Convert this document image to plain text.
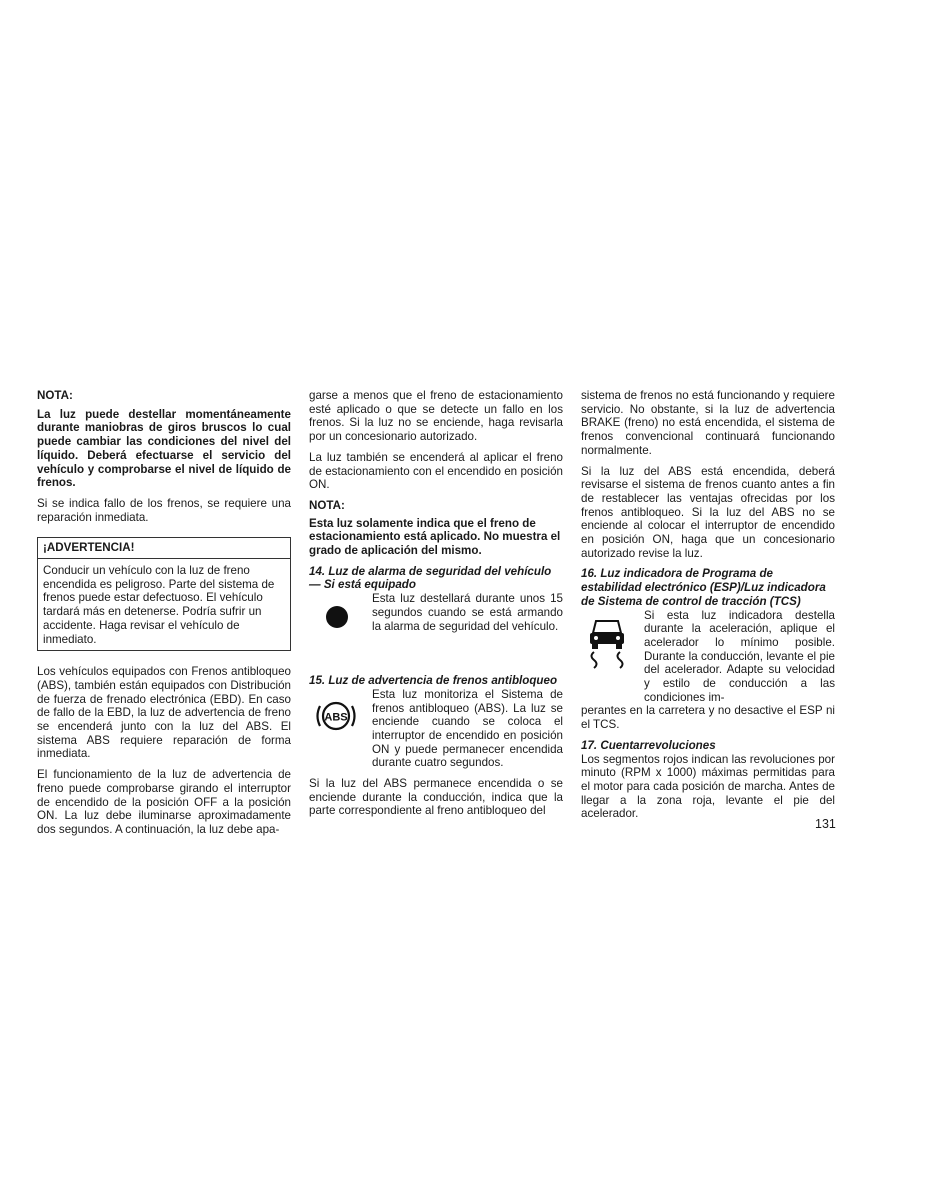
NOTA:

La luz puede destellar momentáneamente durante maniobras de giros bruscos lo cual puede cambiar las condiciones del nivel del líquido. Deberá efectuarse el servicio del vehículo y comprobarse el nivel de líquido de frenos.

Si se indica fallo de los frenos, se requiere una reparación inmediata.

¡ADVERTENCIA!

Conducir un vehículo con la luz de freno encendida es peligroso. Parte del sistema de frenos puede estar defectuoso. El vehículo tardará más en detenerse. Podría sufrir un accidente. Haga revisar el vehículo de inmediato.

Los vehículos equipados con Frenos antibloqueo (ABS), también están equipados con Distribución de fuerza de frenado electrónica (EBD). En caso de fallo de la EBD, la luz de advertencia de freno se encenderá junto con la luz del ABS. El sistema ABS requiere reparación de forma inmediata.

El funcionamiento de la luz de advertencia de freno puede comprobarse girando el interruptor de encendido de la posición OFF a la posición ON. La luz debe iluminarse aproximadamente dos segundos. A continuación, la luz debe apa-

garse a menos que el freno de estacionamiento esté aplicado o que se detecte un fallo en los frenos. Si la luz no se enciende, haga revisarla por un concesionario autorizado.

La luz también se encenderá al aplicar el freno de estacionamiento con el encendido en posición ON.

NOTA:

Esta luz solamente indica que el freno de estacionamiento está aplicado. No muestra el grado de aplicación del mismo.

14. Luz de alarma de seguridad del vehículo
— Si está equipado

Esta luz destellará durante unos 15 segundos cuando se está armando la alarma de seguridad del vehículo.

15. Luz de advertencia de frenos antibloqueo
ABS

Esta luz monitoriza el Sistema de frenos antibloqueo (ABS). La luz se enciende cuando se coloca el interruptor de encendido en posición ON y puede permanecer encendida durante cuatro segundos.

Si la luz del ABS permanece encendida o se enciende durante la conducción, indica que la parte correspondiente al freno antibloqueo del

sistema de frenos no está funcionando y requiere servicio. No obstante, si la luz de advertencia BRAKE (freno) no está encendida, el sistema de frenos convencional continuará funcionando normalmente.

Si la luz del ABS está encendida, deberá revisarse el sistema de frenos cuanto antes a fin de restablecer las ventajas ofrecidas por los frenos antibloqueo. Si la luz del ABS no se enciende al colocar el interruptor de encendido en posición ON, haga que un concesionario autorizado revise la luz.

16. Luz indicadora de Programa de
estabilidad electrónico (ESP)/Luz indicadora
de Sistema de control de tracción (TCS)

Si esta luz indicadora destella durante la aceleración, aplique el acelerador lo mínimo posible. Durante la conducción, levante el pie del acelerador. Adapte su velocidad y estilo de conducción a las condiciones im-

perantes en la carretera y no desactive el ESP ni el TCS.

17. Cuentarrevoluciones

Los segmentos rojos indican las revoluciones por minuto (RPM x 1000) máximas permitidas para el motor para cada posición de marcha. Antes de llegar a la zona roja, levante el pie del acelerador.

131
